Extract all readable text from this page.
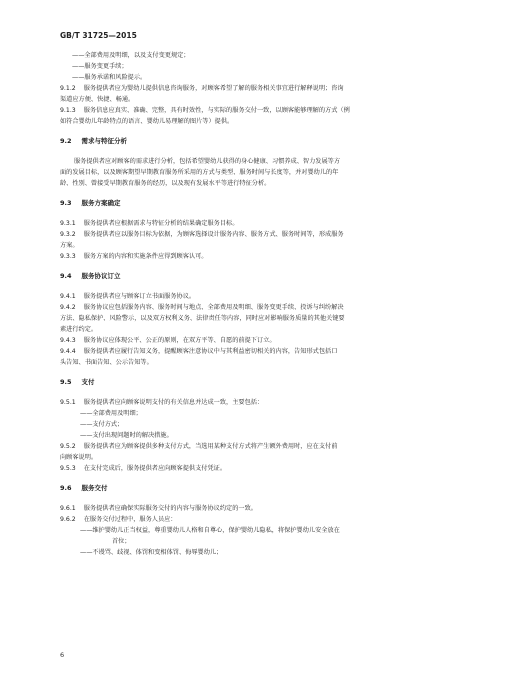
GB/T 31725—2015

——全部费用及明细，以及支付变更规定；

——服务变更手续；

——服务承诺和风险提示。

9.1.2 服务提供者应为婴幼儿提供信息咨询服务，对顾客希望了解的服务相关事宜进行解释说明；咨询

渠道应方便、快捷、畅通。

9.1.3 服务信息应真实、准确、完整，具有时效性，与实际的服务交付一致，以顾客能够理解的方式（例

如符合婴幼儿年龄特点的语言、婴幼儿易理解的图片等）提供。

9.2 需求与特征分析

服务提供者应对顾客的需求进行分析，包括希望婴幼儿获得的身心健康、习惯养成、智力发展等方

面的发展目标，以及顾客期望早期教育服务所采用的方式与类型、服务时间与长度等，并对婴幼儿的年

龄、性别、曾接受早期教育服务的经历，以及现有发展水平等进行特征分析。

9.3 服务方案确定

9.3.1 服务提供者应根据需求与特征分析的结果确定服务目标。

9.3.2 服务提供者应以服务目标为依据，为顾客选择设计服务内容、服务方式、服务时间等，形成服务

方案。

9.3.3 服务方案的内容和实施条件应得到顾客认可。

9.4 服务协议订立

9.4.1 服务提供者应与顾客订立书面服务协议。

9.4.2 服务协议应包括服务内容、服务时间与地点、全部费用及明细、服务变更手续、投诉与纠纷解决

方法、隐私保护、风险警示，以及双方权利义务、法律责任等内容，同时应对影响服务质量的其他关键要

素进行约定。

9.4.3 服务协议应体现公平、公正的原则，在双方平等、自愿的前提下订立。

9.4.4 服务提供者应履行告知义务，提醒顾客注意协议中与其利益密切相关的内容，告知形式包括口

头告知、书面告知、公示告知等。

9.5 支付

9.5.1 服务提供者应向顾客说明支付的有关信息并达成一致，主要包括：

——全部费用及明细；

——支付方式；

——支付出现问题时的解决措施。

9.5.2 服务提供者应为顾客提供多种支付方式，当选用某种支付方式将产生额外费用时，应在支付前

向顾客说明。

9.5.3 在支付完成后，服务提供者应向顾客提供支付凭证。

9.6 服务交付

9.6.1 服务提供者应确保实际服务交付的内容与服务协议约定的一致。

9.6.2 在服务交付过程中，服务人员应：

——维护婴幼儿正当权益，尊重婴幼儿人格和自尊心，保护婴幼儿隐私，将保护婴幼儿安全放在

首位；

——不谩骂、歧视、体罚和变相体罚、侮辱婴幼儿；

6
